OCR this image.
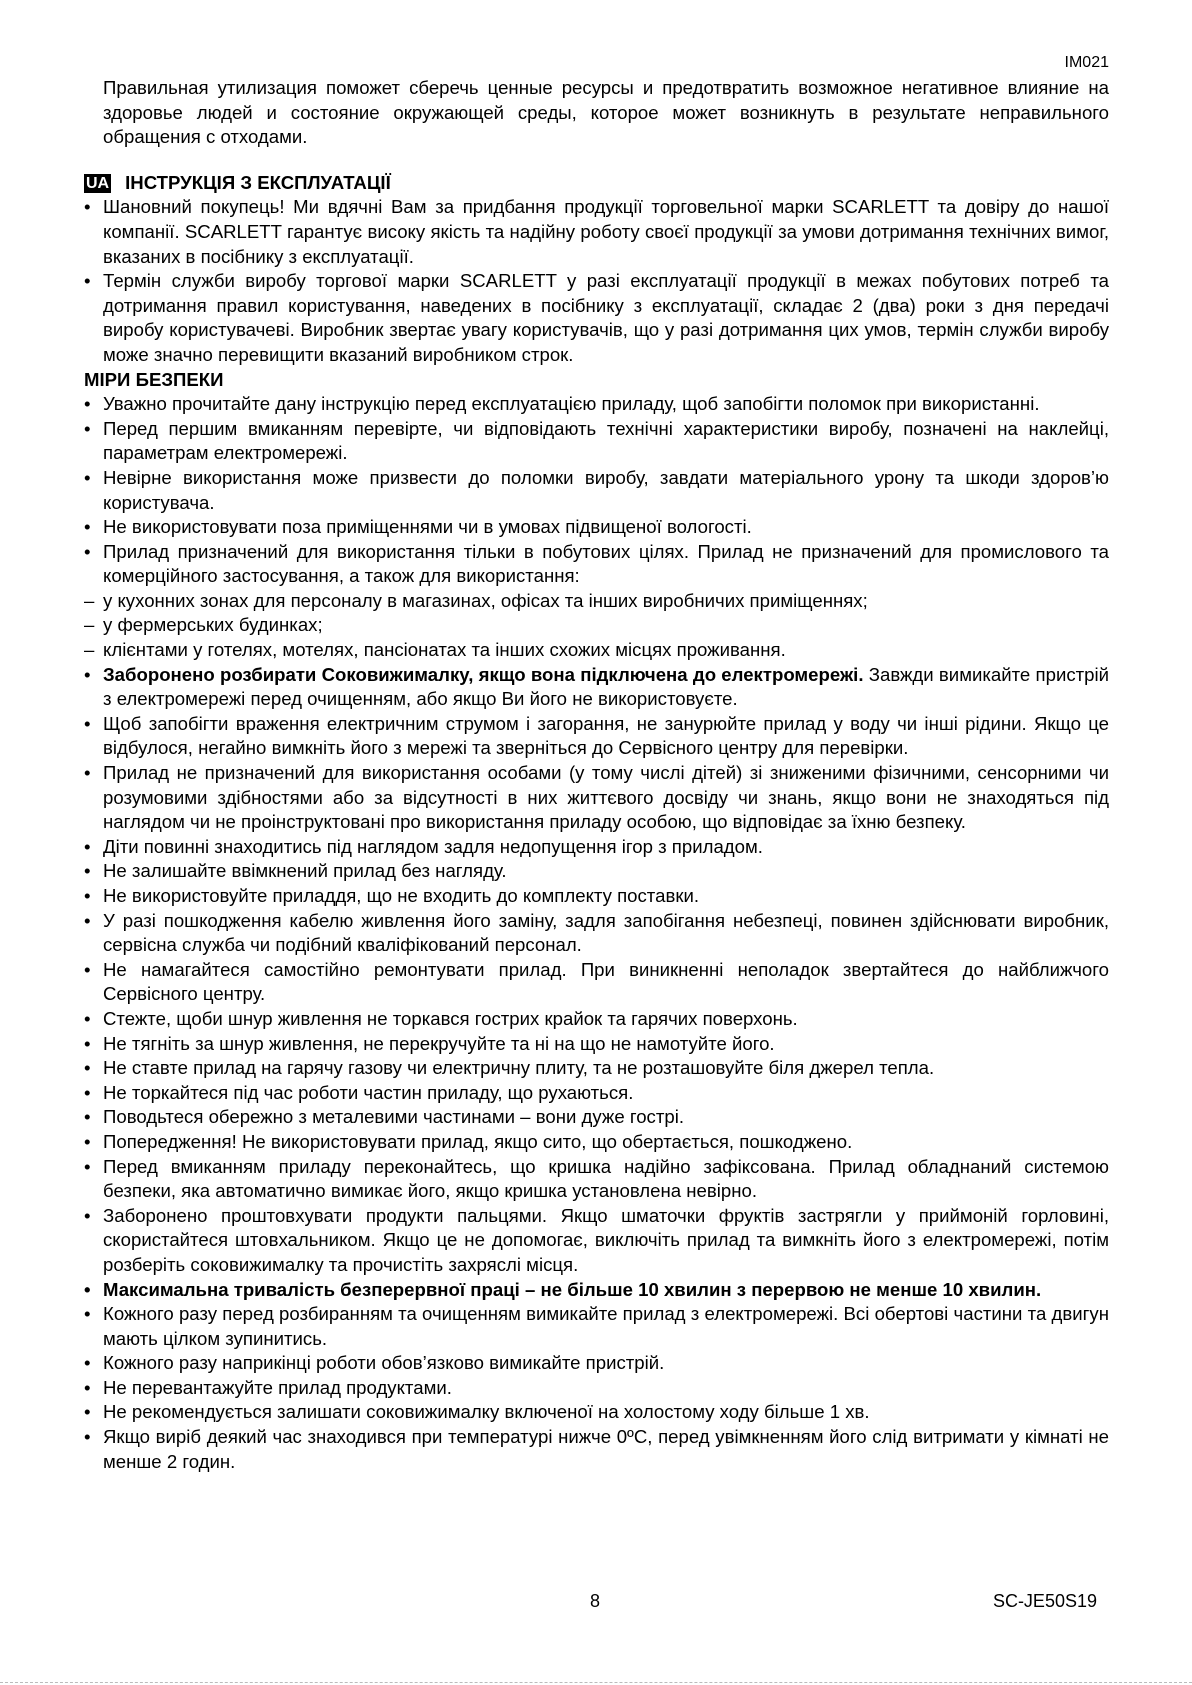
IM021

Правильная утилизация поможет сберечь ценные ресурсы и предотвратить возможное негативное влияние на здоровье людей и состояние окружающей среды, которое может возникнуть в результате неправильного обращения с отходами.

UA ІНСТРУКЦІЯ З ЕКСПЛУАТАЦІЇ
• Шановний покупець! Ми вдячні Вам за придбання продукції торговельної марки SCARLETT та довіру до нашої компанії. SCARLETT гарантує високу якість та надійну роботу своєї продукції за умови дотримання технічних вимог, вказаних в посібнику з експлуатації.
• Термін служби виробу торгової марки SCARLETT у разі експлуатації продукції в межах побутових потреб та дотримання правил користування, наведених в посібнику з експлуатації, складає 2 (два) роки з дня передачі виробу користувачеві. Виробник звертає увагу користувачів, що у разі дотримання цих умов, термін служби виробу може значно перевищити вказаний виробником строк.
МІРИ БЕЗПЕКИ
• Уважно прочитайте дану інструкцію перед експлуатацією приладу, щоб запобігти поломок при використанні.
• Перед першим вмиканням перевірте, чи відповідають технічні характеристики виробу, позначені на наклейці, параметрам електромережі.
• Невірне використання може призвести до поломки виробу, завдати матеріального урону та шкоди здоров’ю користувача.
• Не використовувати поза приміщеннями чи в умовах підвищеної вологості.
• Прилад призначений для використання тільки в побутових цілях. Прилад не призначений для промислового та комерційного застосування, а також для використання:
– у кухонних зонах для персоналу в магазинах, офісах та інших виробничих приміщеннях;
– у фермерських будинках;
– клієнтами у готелях, мотелях, пансіонатах та інших схожих місцях проживання.
• Заборонено розбирати Соковижималку, якщо вона підключена до електромережі. Завжди вимикайте пристрій з електромережі перед очищенням, або якщо Ви його не використовуєте.
• Щоб запобігти враження електричним струмом і загорання, не занурюйте прилад у воду чи інші рідини. Якщо це відбулося, негайно вимкніть його з мережі та зверніться до Сервісного центру для перевірки.
• Прилад не призначений для використання особами (у тому числі дітей) зі зниженими фізичними, сенсорними чи розумовими здібностями або за відсутності в них життєвого досвіду чи знань, якщо вони не знаходяться під наглядом чи не проінструктовані про використання приладу особою, що відповідає за їхню безпеку.
• Діти повинні знаходитись під наглядом задля недопущення ігор з приладом.
• Не залишайте ввімкнений прилад без нагляду.
• Не використовуйте приладдя, що не входить до комплекту поставки.
• У разі пошкодження кабелю живлення його заміну, задля запобігання небезпеці, повинен здійснювати виробник, сервісна служба чи подібний кваліфікований персонал.
• Не намагайтеся самостійно ремонтувати прилад. При виникненні неполадок звертайтеся до найближчого Сервісного центру.
• Стежте, щоби шнур живлення не торкався гострих крайок та гарячих поверхонь.
• Не тягніть за шнур живлення, не перекручуйте та ні на що не намотуйте його.
• Не ставте прилад на гарячу газову чи електричну плиту, та не розташовуйте біля джерел тепла.
• Не торкайтеся під час роботи частин приладу, що рухаються.
• Поводьтеся обережно з металевими частинами – вони дуже гострі.
• Попередження! Не використовувати прилад, якщо сито, що обертається, пошкоджено.
• Перед вмиканням приладу переконайтесь, що кришка надійно зафіксована. Прилад обладнаний системою безпеки, яка автоматично вимикає його, якщо кришка установлена невірно.
• Заборонено проштовхувати продукти пальцями. Якщо шматочки фруктів застрягли у приймоній горловині, скористайтеся штовхальником. Якщо це не допомогає, виключіть прилад та вимкніть його з електромережі, потім розберіть соковижималку та прочистіть захряслі місця.
• Максимальна тривалість безперервної праці – не більше 10 хвилин з перервою не менше 10 хвилин.
• Кожного разу перед розбиранням та очищенням вимикайте прилад з електромережі. Всі обертові частини та двигун мають цілком зупинитись.
• Кожного разу наприкінці роботи обов’язково вимикайте пристрій.
• Не перевантажуйте прилад продуктами.
• Не рекомендується залишати соковижималку включеної на холостому ходу більше 1 хв.
• Якщо виріб деякий час знаходився при температурі нижче 0ºC, перед увімкненням його слід витримати у кімнаті не менше 2 годин.
8	SC-JE50S19
